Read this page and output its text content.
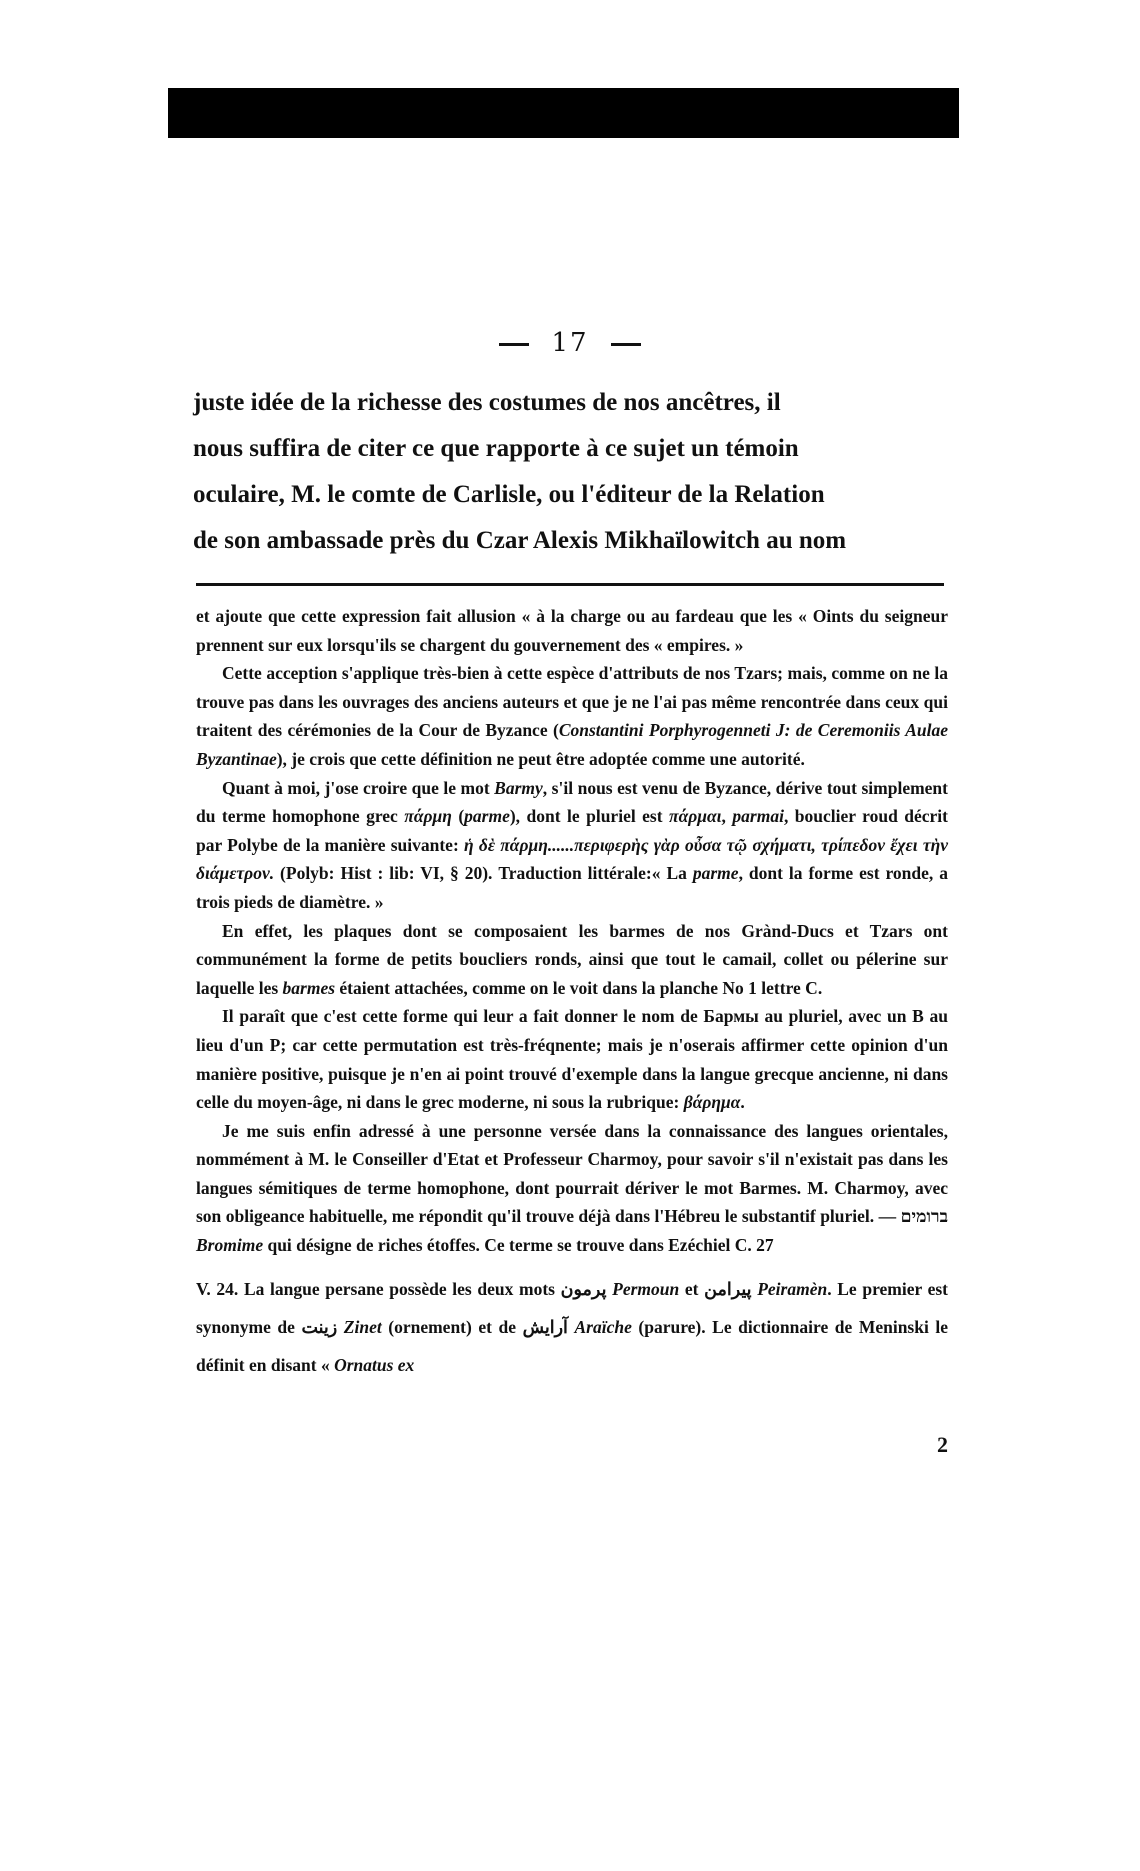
17

juste idée de la richesse des costumes de nos ancêtres, il

nous suffira de citer ce que rapporte à ce sujet un témoin

oculaire, M. le comte de Carlisle, ou l'éditeur de la Relation

de son ambassade près du Czar Alexis Mikhaïlowitch au nom

et ajoute que cette expression fait allusion « à la charge ou au fardeau que les « Oints du seigneur prennent sur eux lorsqu'ils se chargent du gouvernement des « empires. »

Cette acception s'applique très-bien à cette espèce d'attributs de nos Tzars; mais, comme on ne la trouve pas dans les ouvrages des anciens auteurs et que je ne l'ai pas même rencontrée dans ceux qui traitent des cérémonies de la Cour de Byzance (Constantini Porphyrogenneti J: de Ceremoniis Aulae Byzantinae), je crois que cette définition ne peut être adoptée comme une autorité.

Quant à moi, j'ose croire que le mot Barmy, s'il nous est venu de Byzance, dérive tout simplement du terme homophone grec πάρμη (parme), dont le pluriel est πάρμαι, parmai, bouclier roud décrit par Polybe de la manière suivante: ἡ δὲ πάρμη......περιφερὴς γὰρ οὖσα τῷ σχήματι, τρίπεδον ἔχει τὴν διάμετρον. (Polyb: Hist : lib: VI, § 20). Traduction littérale:« La parme, dont la forme est ronde, a trois pieds de diamètre. »

En effet, les plaques dont se composaient les barmes de nos Grànd-Ducs et Tzars ont communément la forme de petits boucliers ronds, ainsi que tout le camail, collet ou pélerine sur laquelle les barmes étaient attachées, comme on le voit dans la planche No 1 lettre C.

Il paraît que c'est cette forme qui leur a fait donner le nom de Бармы au pluriel, avec un B au lieu d'un P; car cette permutation est très-fréqnente; mais je n'oserais affirmer cette opinion d'un manière positive, puisque je n'en ai point trouvé d'exemple dans la langue grecque ancienne, ni dans celle du moyen-âge, ni dans le grec moderne, ni sous la rubrique: βάρημα.

Je me suis enfin adressé à une personne versée dans la connaissance des langues orientales, nommément à M. le Conseiller d'Etat et Professeur Charmoy, pour savoir s'il n'existait pas dans les langues sémitiques de terme homophone, dont pourrait dériver le mot Barmes. M. Charmoy, avec son obligeance habituelle, me répondit qu'il trouve déjà dans l'Hébreu le substantif pluriel. — ברומים Bromime qui désigne de riches étoffes. Ce terme se trouve dans Ezéchiel C. 27

V. 24. La langue persane possède les deux mots پرمون Permoun et پیرامن Peiramèn. Le premier est synonyme de زینت Zinet (ornement) et de آرایش Araïche (parure). Le dictionnaire de Meninski le définit en disant « Ornatus ex

2
